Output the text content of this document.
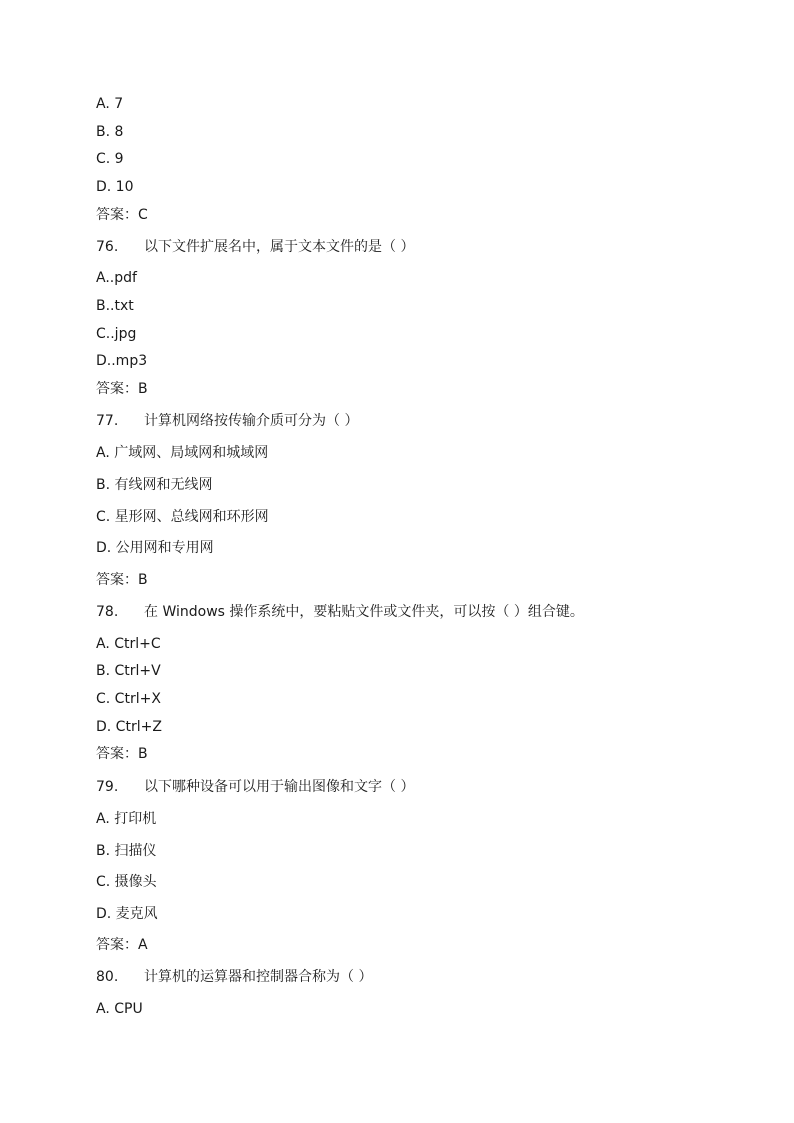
A. 7
B. 8
C. 9
D. 10
答案：C
76. 以下文件扩展名中，属于文本文件的是（ ）
A..pdf
B..txt
C..jpg
D..mp3
答案：B
77. 计算机网络按传输介质可分为（ ）
A. 广域网、局域网和城域网
B. 有线网和无线网
C. 星形网、总线网和环形网
D. 公用网和专用网
答案：B
78. 在 Windows 操作系统中，要粘贴文件或文件夹，可以按（ ）组合键。
A. Ctrl+C
B. Ctrl+V
C. Ctrl+X
D. Ctrl+Z
答案：B
79. 以下哪种设备可以用于输出图像和文字（ ）
A. 打印机
B. 扫描仪
C. 摄像头
D. 麦克风
答案：A
80. 计算机的运算器和控制器合称为（ ）
A. CPU
